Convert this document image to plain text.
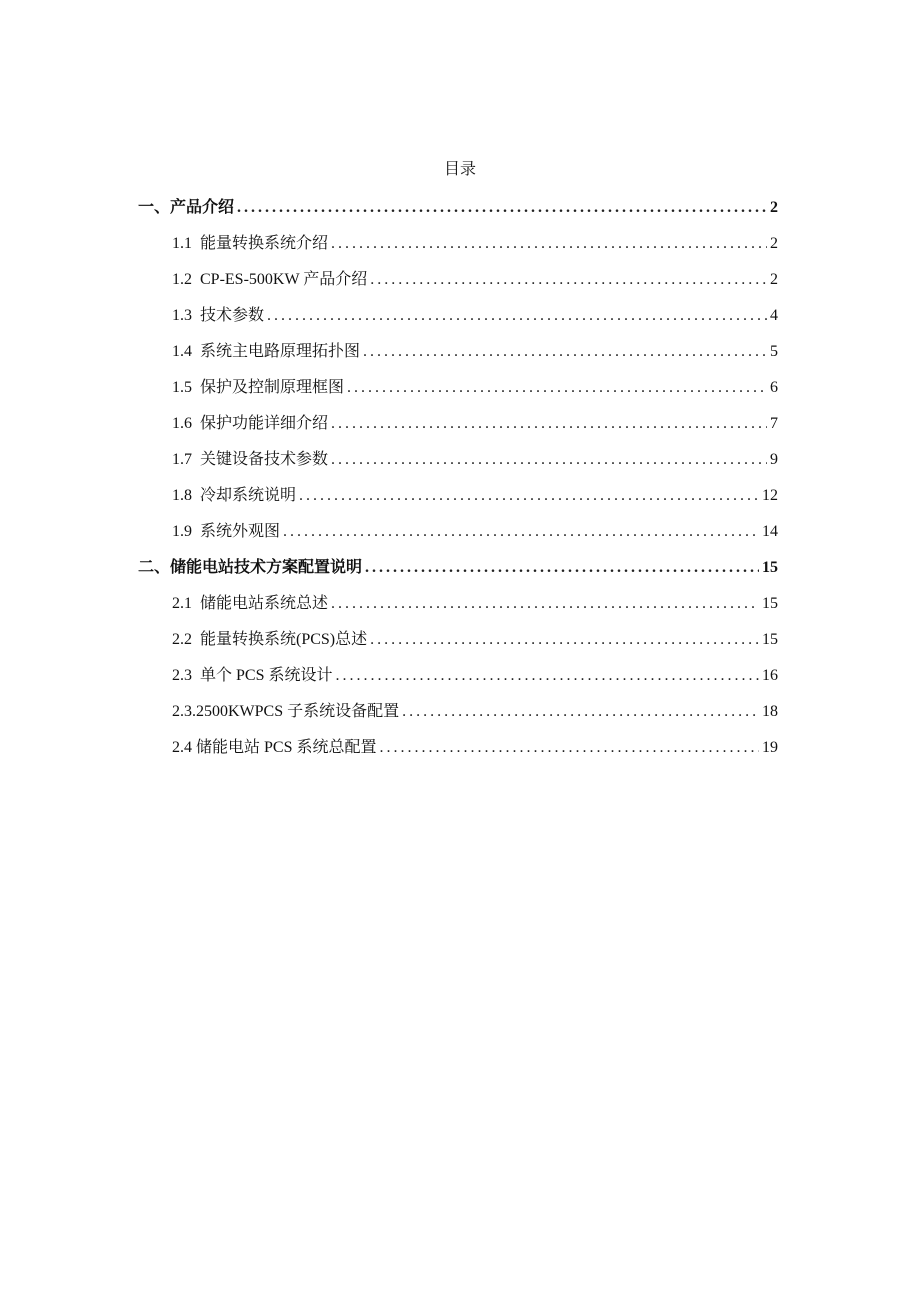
目录
一、产品介绍 .....	2
1.1  能量转换系统介绍 .....	2
1.2  CP-ES-500KW 产品介绍 .....	2
1.3  技术参数 .....	4
1.4  系统主电路原理拓扑图 .....	5
1.5  保护及控制原理框图 .....	6
1.6  保护功能详细介绍 .....	7
1.7  关键设备技术参数 .....	9
1.8  冷却系统说明 .....	12
1.9  系统外观图 .....	14
二、储能电站技术方案配置说明 .....	15
2.1  储能电站系统总述 .....	15
2.2  能量转换系统(PCS)总述 .....	15
2.3  单个 PCS 系统设计 .....	16
2.3.2500KWPCS 子系统设备配置 .....	18
2.4 储能电站 PCS 系统总配置 .....	19
